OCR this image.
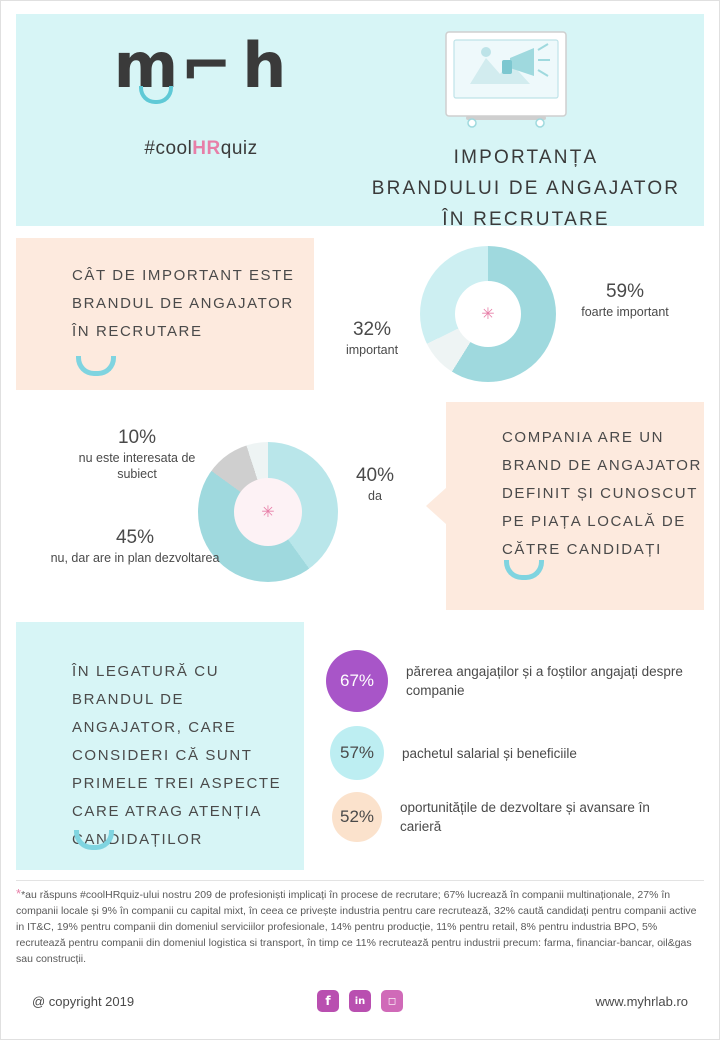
m⌐h
#coolHRquiz	IMPORTANȚA
BRANDULUI DE ANGAJATOR
ÎN RECRUTARE
CÂT DE IMPORTANT ESTE BRANDUL DE ANGAJATOR ÎN RECRUTARE
✳
59%
foarte important
32%
important
✳
10%
nu este interesata de subiect
45%
nu, dar are in plan dezvoltarea
40%
da
COMPANIA ARE UN BRAND DE ANGAJATOR DEFINIT ȘI CUNOSCUT PE PIAȚA LOCALĂ DE CĂTRE CANDIDAȚI
ÎN LEGATURĂ CU BRANDUL DE ANGAJATOR, CARE CONSIDERI CĂ SUNT PRIMELE TREI ASPECTE CARE ATRAG ATENȚIA CANDIDAȚILOR
67% părerea angajaților și a foștilor angajați despre companie
57% pachetul salarial și beneficiile
52% oportunitățile de dezvoltare și avansare în carieră
**au răspuns #coolHRquiz-ului nostru 209 de profesioniști implicați în procese de recrutare; 67% lucrează în companii multinaționale, 27% în companii locale și 9% în companii cu capital mixt, în ceea ce privește industria pentru care recrutează, 32% caută candidați pentru companii active in IT&C, 19% pentru companii din domeniul serviciilor profesionale, 14% pentru producție, 11% pentru retail, 8% pentru industria BPO, 5% recrutează pentru companii din domeniul logistica si transport, în timp ce 11% recrutează pentru industrii precum: farma, financiar-bancar, oil&gas sau construcții.
@ copyright 2019	f in ◻	www.myhrlab.ro
